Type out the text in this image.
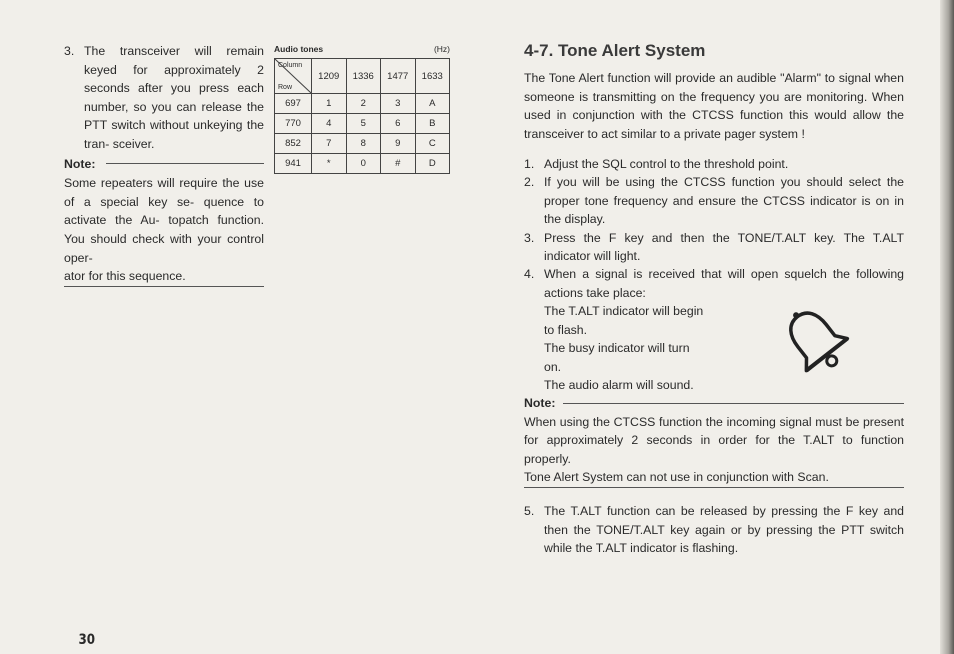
3. The transceiver will remain keyed for approximately 2 seconds after you press each number, so you can release the PTT switch without unkeying the tran- sceiver.
Note:
Some repeaters will require the use of a special key se- quence to activate the Au- topatch function. You should check with your control oper- ator for this sequence.
Audio tones	(Hz)
Column
Row	1209	1336	1477	1633
697	1	2	3	A
770	4	5	6	B
852	7	8	9	C
941	*	0	#	D
4-7. Tone Alert System
The Tone Alert function will provide an audible "Alarm" to signal when someone is transmitting on the frequency you are monitoring. When used in conjunction with the CTCSS function this would allow the transceiver to act similar to a private pager system !
1. Adjust the SQL control to the threshold point.
2. If you will be using the CTCSS function you should select the proper tone frequency and ensure the CTCSS indicator is on in the display.
3. Press the F key and then the TONE/T.ALT key. The T.ALT indicator will light.
4. When a signal is received that will open squelch the following actions take place:
The T.ALT indicator will begin to flash.
The busy indicator will turn on.
The audio alarm will sound.
Note:
When using the CTCSS function the incoming signal must be present for approximately 2 seconds in order for the T.ALT to function properly.
Tone Alert System can not use in conjunction with Scan.
5. The T.ALT function can be released by pressing the F key and then the TONE/T.ALT key again or by pressing the PTT switch while the T.ALT indicator is flashing.
30
